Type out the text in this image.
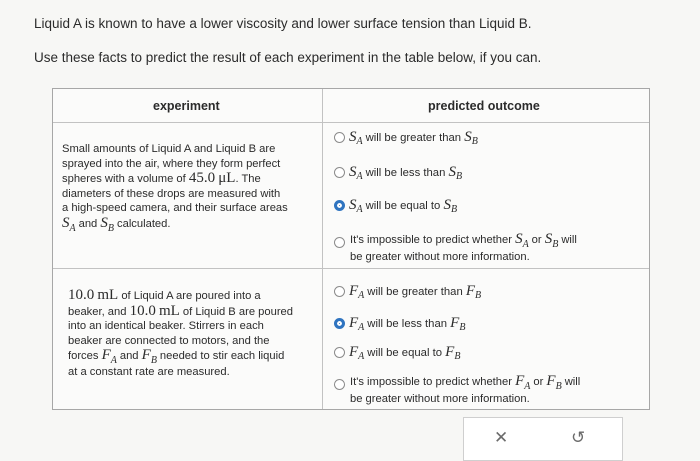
Liquid A is known to have a lower viscosity and lower surface tension than Liquid B.
Use these facts to predict the result of each experiment in the table below, if you can.
experiment	predicted outcome
Small amounts of Liquid A and Liquid B are
sprayed into the air, where they form perfect
spheres with a volume of 45.0 μL. The
diameters of these drops are measured with
a high-speed camera, and their surface areas
SA and SB calculated.
S A will be greater than
S B
S A will be less than
S B
S A will be equal to
S B
It's impossible to predict whether SA or SB will
be greater without more information.
10.0 mL of Liquid A are poured into a
beaker, and 10.0 mL of Liquid B are poured
into an identical beaker. Stirrers in each
beaker are connected to motors, and the
forces FA and FB needed to stir each liquid
at a constant rate are measured.
F A will be greater than
F B
F A will be less than
F B
F A will be equal to
F B
It's impossible to predict whether FA or FB will
be greater without more information.
✕	↺
